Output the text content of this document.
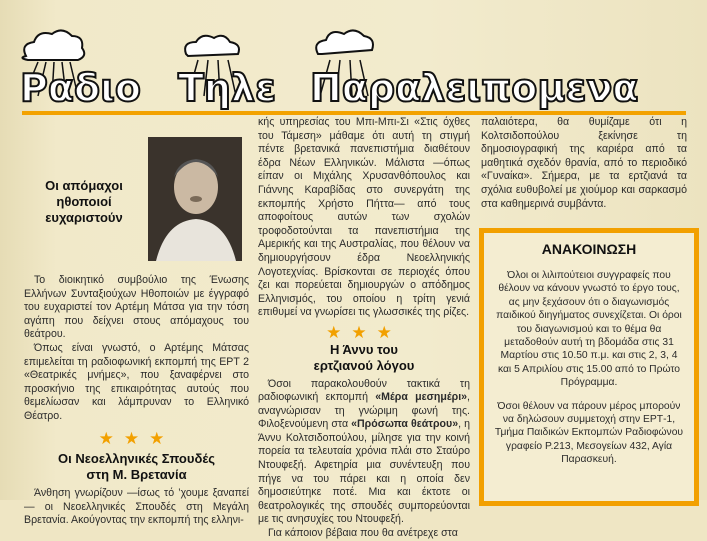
Ραδιο Τηλε Παραλειπομενα
Οι απόμαχοι
ηθοποιοί
ευχαριστούν

Το διοικητικό συμβούλιο της Ένωσης Ελλήνων Συνταξιούχων Ηθοποιών με έγγραφό του ευχαριστεί τον Αρτέμη Μάτσα για την τόση αγάπη που δείχνει στους απόμαχους του θεάτρου.

Όπως είναι γνωστό, ο Αρτέμης Μάτσας επιμελείται τη ραδιοφωνική εκπομπή της ΕΡΤ 2 «Θεατρικές μνήμες», που ξαναφέρνει στο προσκήνιο της επικαιρότητας αυτούς που θεμελίωσαν και λάμπρυναν το Ελληνικό Θέατρο.

★★★
Οι Νεοελληνικές Σπουδές
στη Μ. Βρετανία

Άνθηση γνωρίζουν —ίσως τό ’χουμε ξαναπεί— οι Νεοελληνικές Σπουδές στη Μεγάλη Βρετανία. Ακούγοντας την εκπομπή της ελληνι-

κής υπηρεσίας του Μπι-Μπι-Σι «Στις όχθες του Τάμεση» μάθαμε ότι αυτή τη στιγμή πέντε βρετανικά πανεπιστήμια διαθέτουν έδρα Νέων Ελληνικών. Μάλιστα —όπως είπαν οι Μιχάλης Χρυσανθόπουλος και Γιάννης Καραβίδας στο συνεργάτη της εκπομπής Χρήστο Πήττα— από τους αποφοίτους αυτών των σχολών τροφοδοτούνται τα πανεπιστήμια της Αμερικής και της Αυστραλίας, που θέλουν να δημιουργήσουν έδρα Νεοελληνικής Λογοτεχνίας. Βρίσκονται σε περιοχές όπου ζει και πορεύεται δημιουργών ο απόδημος Ελληνισμός, του οποίου η τρίτη γενιά επιθυμεί να γνωρίσει τις γλωσσικές της ρίζες.

★★★
Η Άννυ του
ερτζιανού λόγου

Όσοι παρακολουθούν τακτικά τη ραδιοφωνική εκπομπή «Μέρα μεσημέρι», αναγνώρισαν τη γνώριμη φωνή της. Φιλοξενούμενη στα «Πρόσωπα θεάτρου», η Άννυ Κολτσιδοπούλου, μίλησε για την κοινή πορεία τα τελευταία χρόνια πλάι στο Σταύρο Ντουφεξή. Αφετηρία μια συνέντευξη που πήγε να του πάρει και η οποία δεν δημοσιεύτηκε ποτέ. Μια και έκτοτε οι θεατρολογικές της σπουδές συμπορεύονται με τις ανησυχίες του Ντουφεξή.

Για κάποιον βέβαια που θα ανέτρεχε στα

παλαιότερα, θα θυμίζαμε ότι η Κολτσιδοπούλου ξεκίνησε τη δημοσιογραφική της καριέρα από τα μαθητικά σχεδόν θρανία, από το περιοδικό «Γυναίκα». Σήμερα, με τα ερτζιανά τα σχόλια ευθυβολεί με χιούμορ και σαρκασμό στα καθημερινά συμβάντα.

ΑΝΑΚΟΙΝΩΣΗ
Όλοι οι λιλιπούτειοι συγγραφείς που θέλουν να κάνουν γνωστό το έργο τους, ας μην ξεχάσουν ότι ο διαγωνισμός παιδικού διηγήματος συνεχίζεται. Οι όροι του διαγωνισμού και το θέμα θα μεταδοθούν αυτή τη βδομάδα στις 31 Μαρτίου στις 10.50 π.μ. και στις 2, 3, 4 και 5 Απριλίου στις 15.00 από το Πρώτο Πρόγραμμα.
Όσοι θέλουν να πάρουν μέρος μπορούν να δηλώσουν συμμετοχή στην ΕΡΤ-1, Τμήμα Παιδικών Εκπομπών Ραδιοφώνου γραφείο Ρ.213, Μεσογείων 432, Αγία Παρασκευή.
